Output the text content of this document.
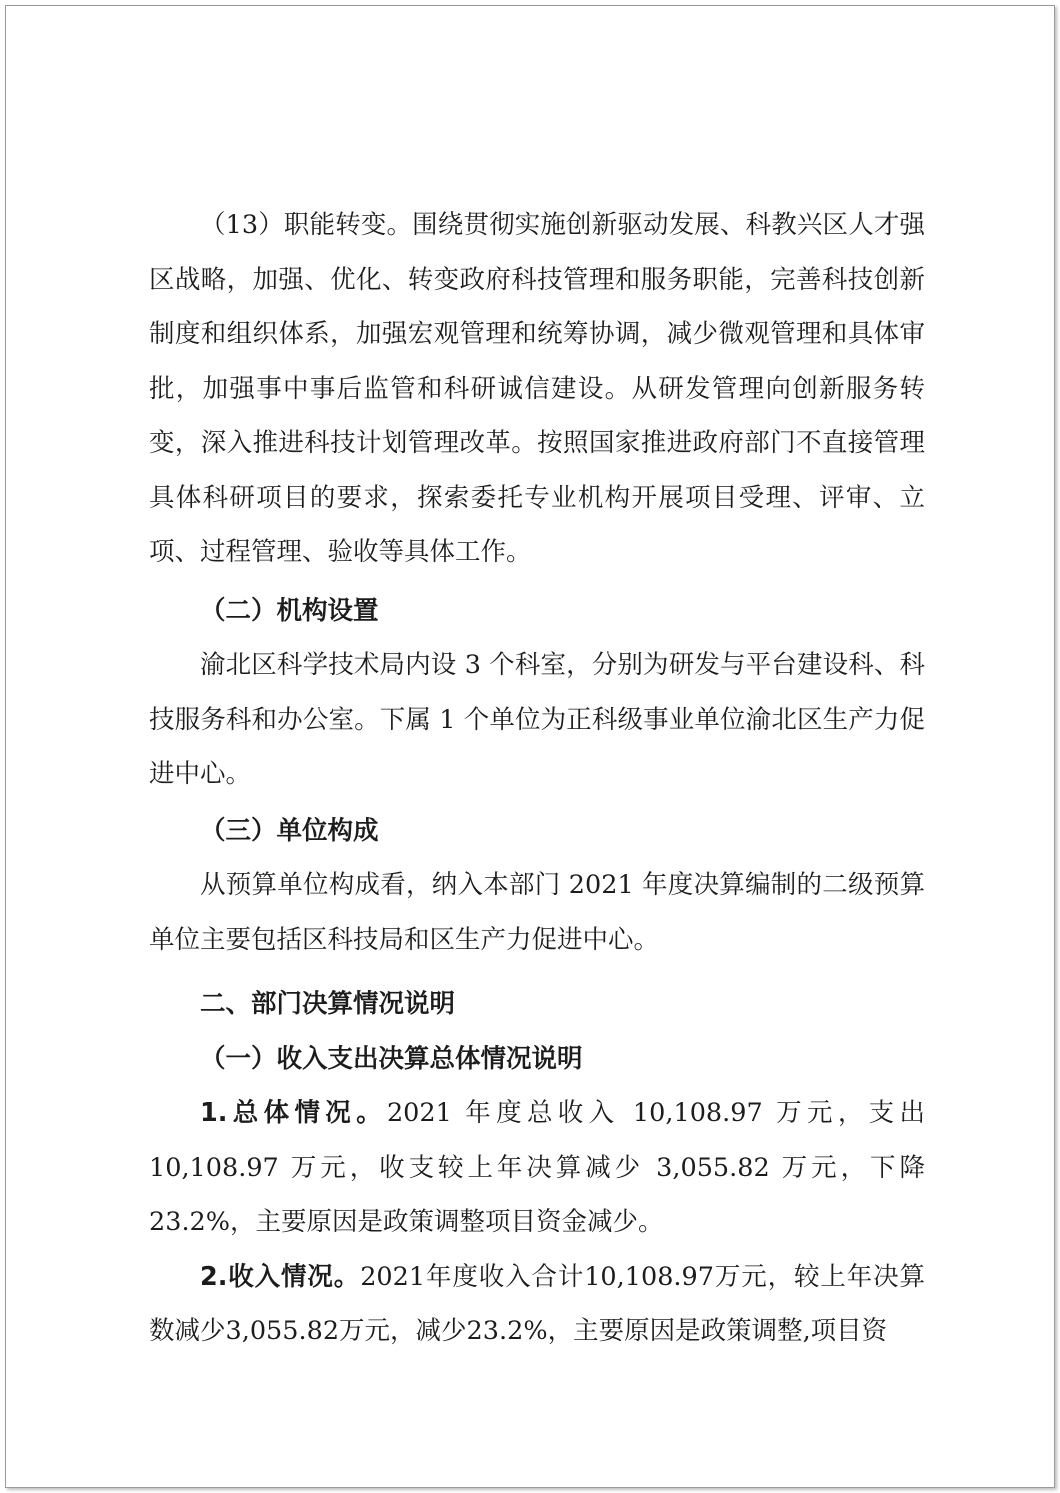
（13）职能转变。围绕贯彻实施创新驱动发展、科教兴区人才强区战略，加强、优化、转变政府科技管理和服务职能，完善科技创新制度和组织体系，加强宏观管理和统筹协调，减少微观管理和具体审批，加强事中事后监管和科研诚信建设。从研发管理向创新服务转变，深入推进科技计划管理改革。按照国家推进政府部门不直接管理具体科研项目的要求，探索委托专业机构开展项目受理、评审、立项、过程管理、验收等具体工作。

（二）机构设置

渝北区科学技术局内设 3 个科室，分别为研发与平台建设科、科技服务科和办公室。下属 1 个单位为正科级事业单位渝北区生产力促进中心。

（三）单位构成

从预算单位构成看，纳入本部门 2021 年度决算编制的二级预算单位主要包括区科技局和区生产力促进中心。

二、部门决算情况说明

（一）收入支出决算总体情况说明

1.总体情况。2021 年度总收入 10,108.97 万元，支出 10,108.97 万元，收支较上年决算减少 3,055.82 万元，下降 23.2%，主要原因是政策调整项目资金减少。

2.收入情况。2021年度收入合计10,108.97万元，较上年决算数减少3,055.82万元，减少23.2%，主要原因是政策调整,项目资
